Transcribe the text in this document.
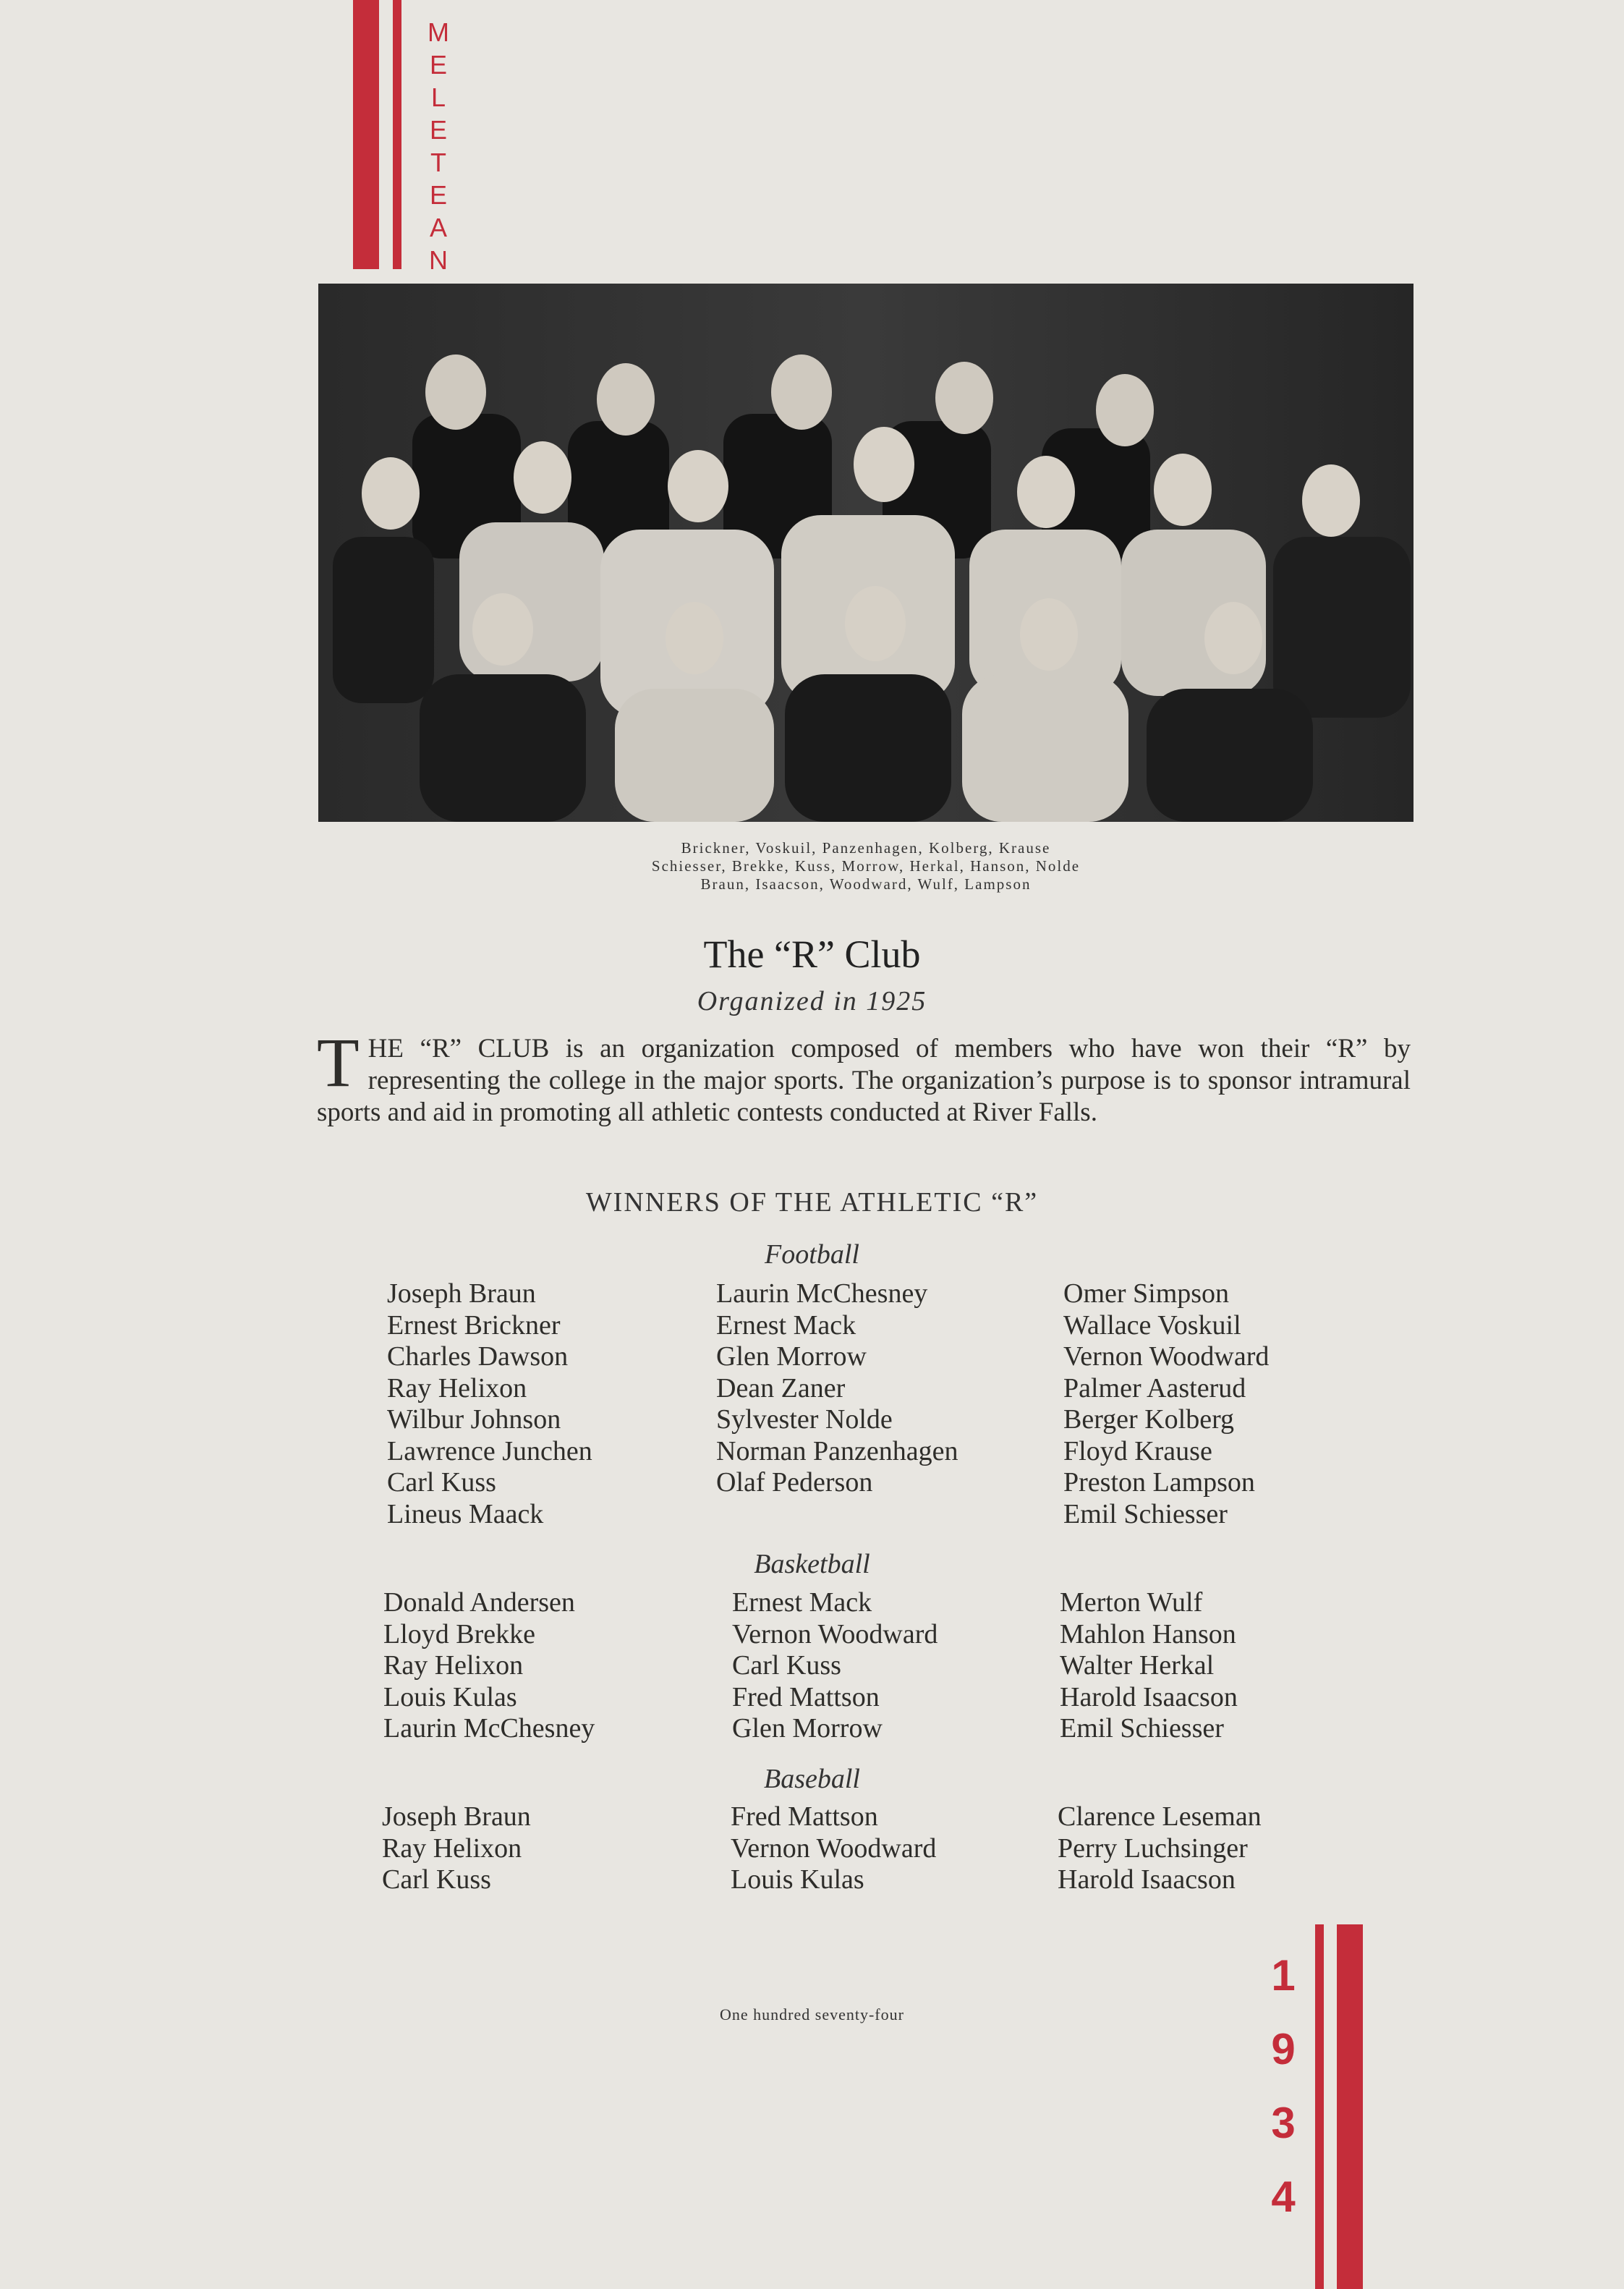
M
E
L
E
T
E
A
N
Brickner, Voskuil, Panzenhagen, Kolberg, Krause
Schiesser, Brekke, Kuss, Morrow, Herkal, Hanson, Nolde
Braun, Isaacson, Woodward, Wulf, Lampson
The “R” Club
Organized in 1925

THE “R” CLUB is an organization composed of members who have won their “R” by representing the college in the major sports. The organization’s purpose is to sponsor intramural sports and aid in promoting all athletic contests conducted at River Falls.

WINNERS OF THE ATHLETIC “R”
Football
Joseph Braun
Ernest Brickner
Charles Dawson
Ray Helixon
Wilbur Johnson
Lawrence Junchen
Carl Kuss
Lineus Maack
Laurin McChesney
Ernest Mack
Glen Morrow
Dean Zaner
Sylvester Nolde
Norman Panzenhagen
Olaf Pederson
Omer Simpson
Wallace Voskuil
Vernon Woodward
Palmer Aasterud
Berger Kolberg
Floyd Krause
Preston Lampson
Emil Schiesser
Basketball
Donald Andersen
Lloyd Brekke
Ray Helixon
Louis Kulas
Laurin McChesney
Ernest Mack
Vernon Woodward
Carl Kuss
Fred Mattson
Glen Morrow
Merton Wulf
Mahlon Hanson
Walter Herkal
Harold Isaacson
Emil Schiesser
Baseball
Joseph Braun
Ray Helixon
Carl Kuss
Fred Mattson
Vernon Woodward
Louis Kulas
Clarence Leseman
Perry Luchsinger
Harold Isaacson
One hundred seventy-four
1
9
3
4
